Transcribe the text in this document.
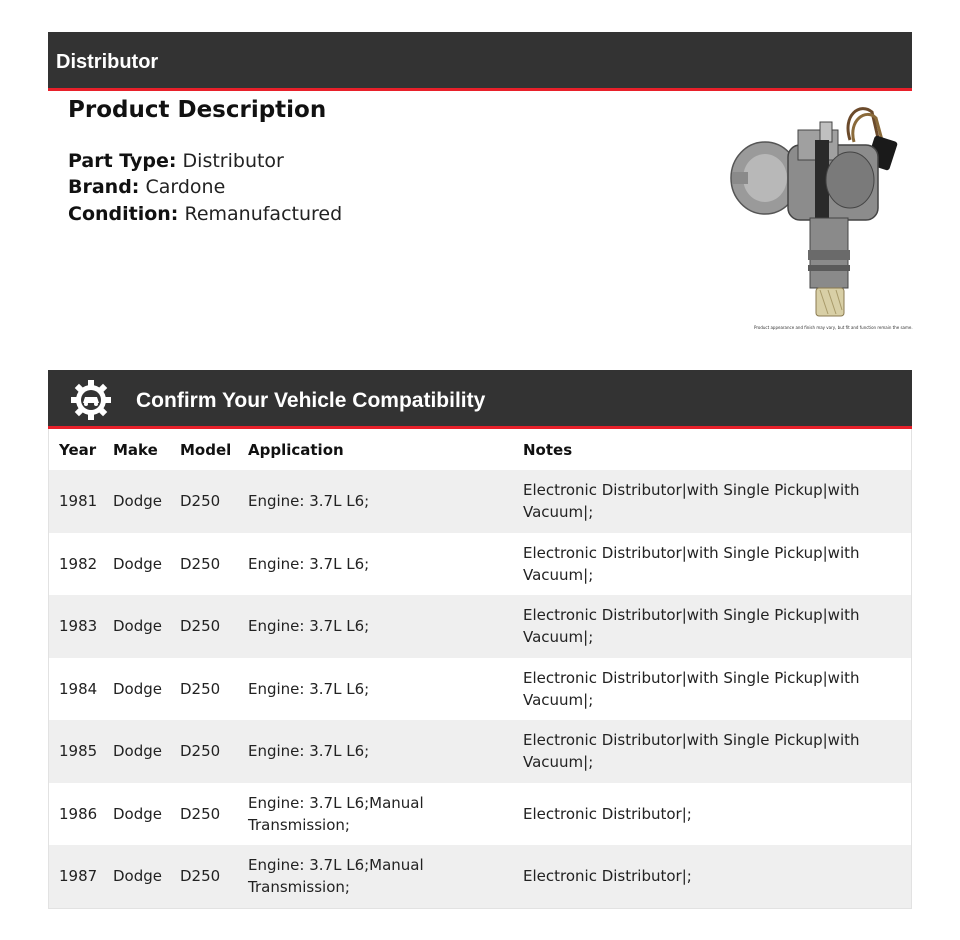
Distributor
Product Description
Part Type: Distributor
Brand: Cardone
Condition: Remanufactured
Product appearance and finish may vary, but fit and function remain the same.
Confirm Your Vehicle Compatibility
Year Make Model Application	Notes
1981 Dodge D250 Engine: 3.7L L6;
Electronic Distributor|with Single Pickup|with Vacuum|;
1982 Dodge D250 Engine: 3.7L L6;
Electronic Distributor|with Single Pickup|with Vacuum|;
1983 Dodge D250 Engine: 3.7L L6;
Electronic Distributor|with Single Pickup|with Vacuum|;
1984 Dodge D250 Engine: 3.7L L6;
Electronic Distributor|with Single Pickup|with Vacuum|;
1985 Dodge D250 Engine: 3.7L L6;
Electronic Distributor|with Single Pickup|with Vacuum|;
1986 Dodge D250
Engine: 3.7L L6;Manual Transmission;
Electronic Distributor|;
1987 Dodge D250
Engine: 3.7L L6;Manual Transmission;
Electronic Distributor|;
